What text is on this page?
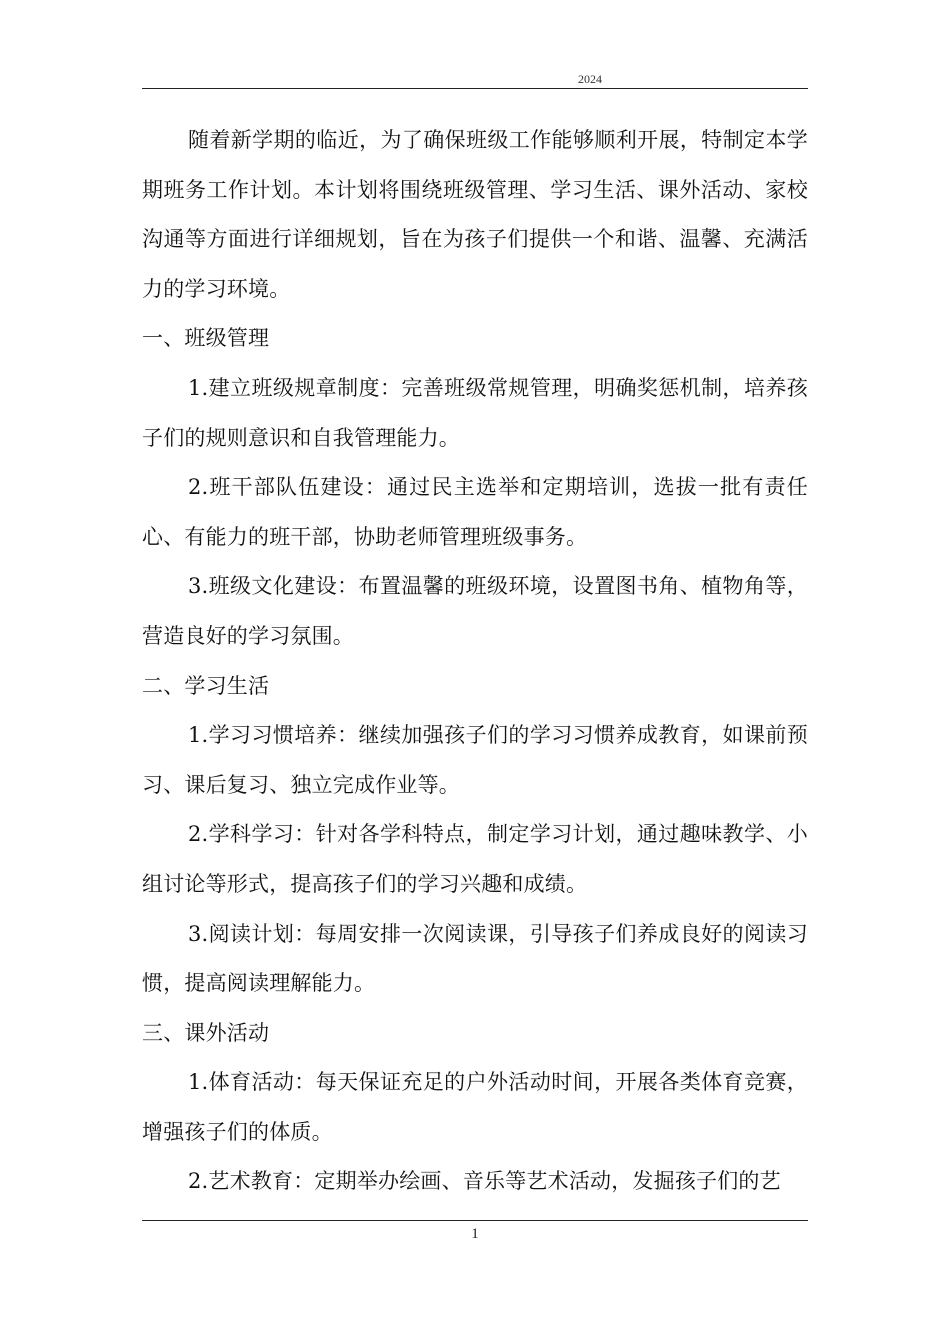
2024

随着新学期的临近，为了确保班级工作能够顺利开展，特制定本学期班务工作计划。本计划将围绕班级管理、学习生活、课外活动、家校沟通等方面进行详细规划，旨在为孩子们提供一个和谐、温馨、充满活力的学习环境。

一、班级管理

1.建立班级规章制度：完善班级常规管理，明确奖惩机制，培养孩子们的规则意识和自我管理能力。

2.班干部队伍建设：通过民主选举和定期培训，选拔一批有责任心、有能力的班干部，协助老师管理班级事务。

3.班级文化建设：布置温馨的班级环境，设置图书角、植物角等，营造良好的学习氛围。

二、学习生活

1.学习习惯培养：继续加强孩子们的学习习惯养成教育，如课前预习、课后复习、独立完成作业等。

2.学科学习：针对各学科特点，制定学习计划，通过趣味教学、小组讨论等形式，提高孩子们的学习兴趣和成绩。

3.阅读计划：每周安排一次阅读课，引导孩子们养成良好的阅读习惯，提高阅读理解能力。

三、课外活动

1.体育活动：每天保证充足的户外活动时间，开展各类体育竞赛，增强孩子们的体质。

2.艺术教育：定期举办绘画、音乐等艺术活动，发掘孩子们的艺

1
